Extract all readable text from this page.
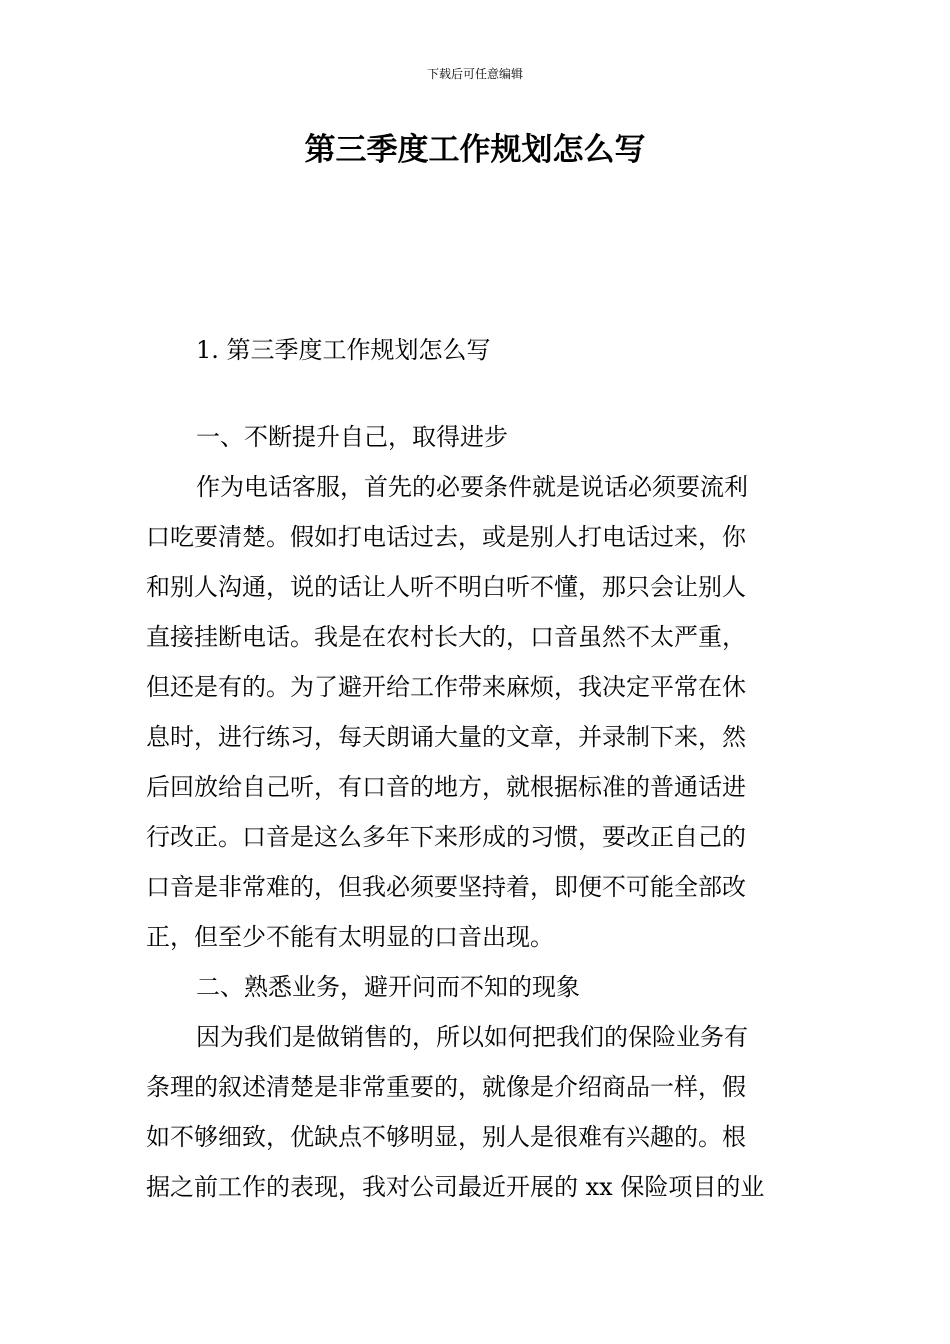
下载后可任意编辑
第三季度工作规划怎么写
1. 第三季度工作规划怎么写
一、不断提升自己，取得进步
作为电话客服，首先的必要条件就是说话必须要流利
口吃要清楚。假如打电话过去，或是别人打电话过来，你
和别人沟通，说的话让人听不明白听不懂，那只会让别人
直接挂断电话。我是在农村长大的，口音虽然不太严重，
但还是有的。为了避开给工作带来麻烦，我决定平常在休
息时，进行练习，每天朗诵大量的文章，并录制下来，然
后回放给自己听，有口音的地方，就根据标准的普通话进
行改正。口音是这么多年下来形成的习惯，要改正自己的
口音是非常难的，但我必须要坚持着，即便不可能全部改
正，但至少不能有太明显的口音出现。
二、熟悉业务，避开问而不知的现象
因为我们是做销售的，所以如何把我们的保险业务有
条理的叙述清楚是非常重要的，就像是介绍商品一样，假
如不够细致，优缺点不够明显，别人是很难有兴趣的。根
据之前工作的表现，我对公司最近开展的 xx 保险项目的业
